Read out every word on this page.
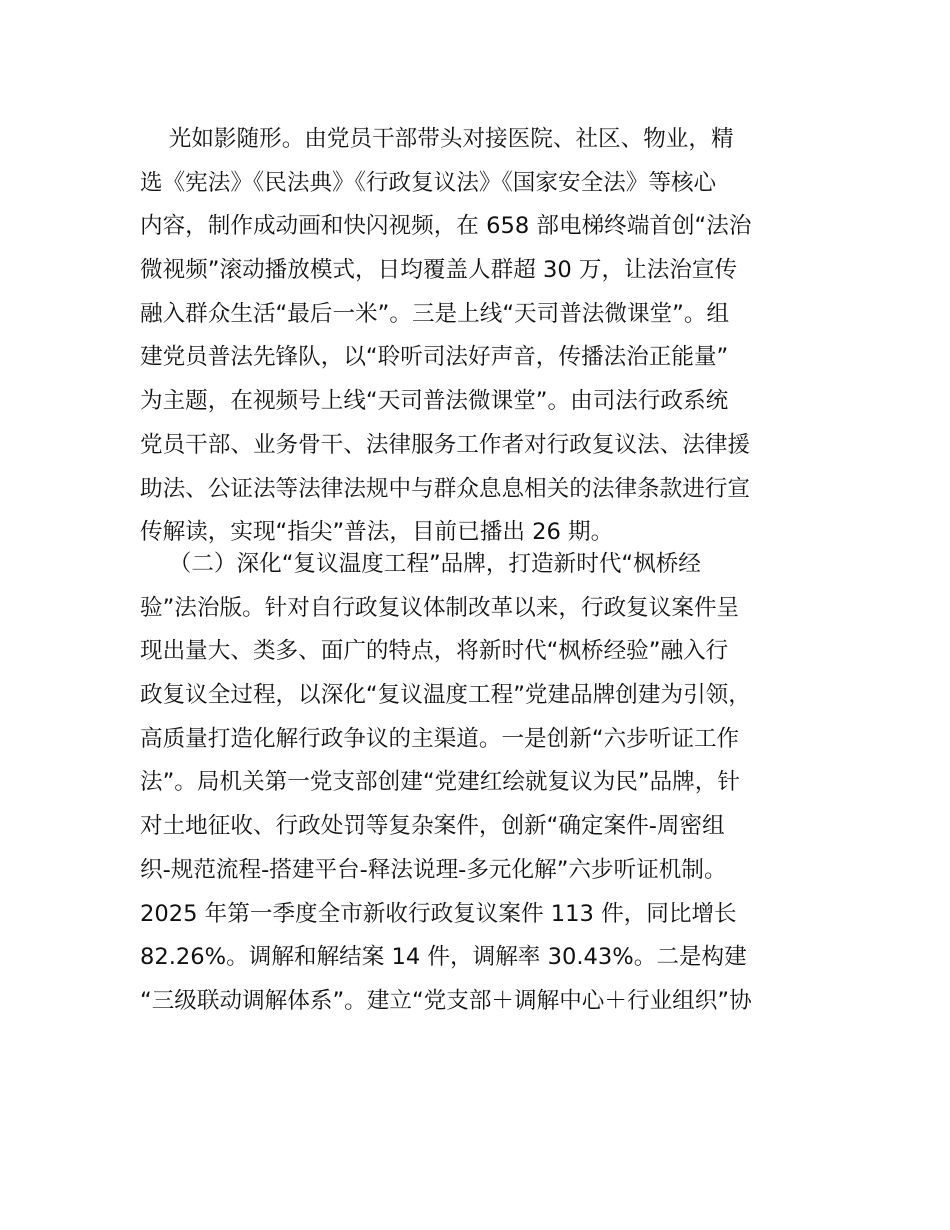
光如影随形。由党员干部带头对接医院、社区、物业，精
选《宪法》《民法典》《行政复议法》《国家安全法》等核心
内容，制作成动画和快闪视频，在 658 部电梯终端首创“法治
微视频”滚动播放模式，日均覆盖人群超 30 万，让法治宣传
融入群众生活“最后一米”。三是上线“天司普法微课堂”。组
建党员普法先锋队，以“聆听司法好声音，传播法治正能量”
为主题，在视频号上线“天司普法微课堂”。由司法行政系统
党员干部、业务骨干、法律服务工作者对行政复议法、法律援
助法、公证法等法律法规中与群众息息相关的法律条款进行宣
传解读，实现“指尖”普法，目前已播出 26 期。
（二）深化“复议温度工程”品牌，打造新时代“枫桥经
验”法治版。针对自行政复议体制改革以来，行政复议案件呈
现出量大、类多、面广的特点，将新时代“枫桥经验”融入行
政复议全过程，以深化“复议温度工程”党建品牌创建为引领，
高质量打造化解行政争议的主渠道。一是创新“六步听证工作
法”。局机关第一党支部创建“党建红绘就复议为民”品牌，针
对土地征收、行政处罚等复杂案件，创新“确定案件-周密组
织-规范流程-搭建平台-释法说理-多元化解”六步听证机制。
2025 年第一季度全市新收行政复议案件 113 件，同比增长
82.26%。调解和解结案 14 件，调解率 30.43%。二是构建
“三级联动调解体系”。建立“党支部＋调解中心＋行业组织”协
